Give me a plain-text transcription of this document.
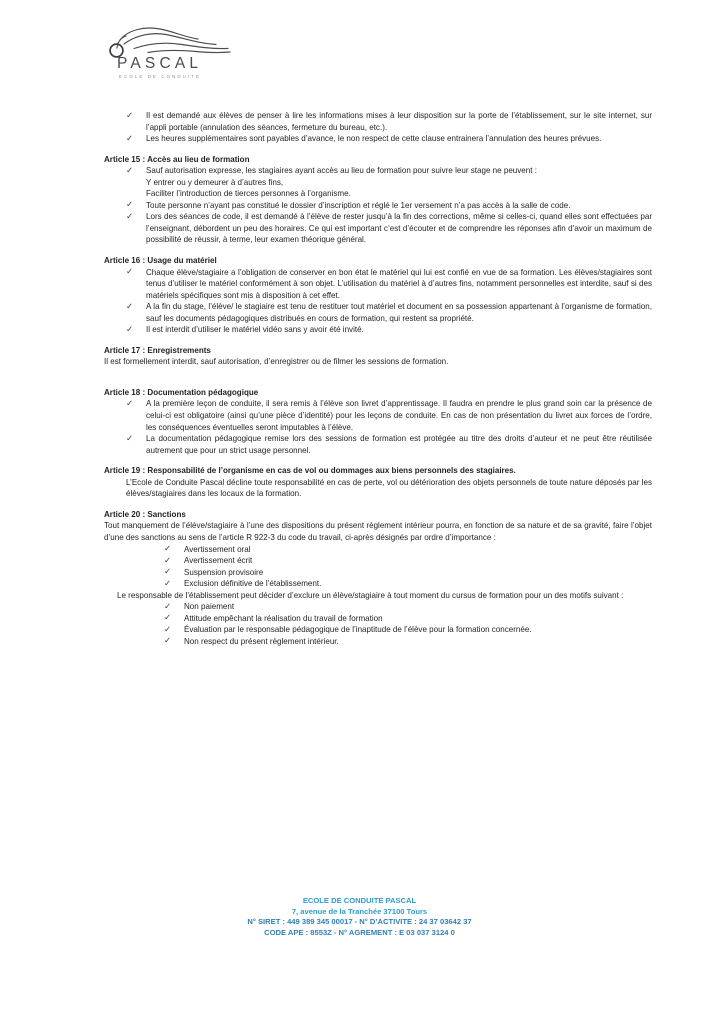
PASCAL
ECOLE DE CONDUITE
✓ Il est demandé aux élèves de penser à lire les informations mises à leur disposition sur la porte de l’établissement, sur le site internet, sur l’appli portable (annulation des séances, fermeture du bureau, etc.).
✓ Les heures supplémentaires sont payables d’avance, le non respect de cette clause entrainera l’annulation des heures prévues.

Article 15 : Accès au lieu de formation

✓ Sauf autorisation expresse, les stagiaires ayant accès au lieu de formation pour suivre leur stage ne peuvent :
Y entrer ou y demeurer à d’autres fins,
Faciliter l’introduction de tierces personnes à l’organisme.
✓ Toute personne n’ayant pas constitué le dossier d’inscription et réglé le 1er versement n’a pas accès à la salle de code.
✓ Lors des séances de code, il est demandé à l’élève de rester jusqu’à la fin des corrections, même si celles-ci, quand elles sont effectuées par l’enseignant, débordent un peu des horaires. Ce qui est important c’est d’écouter et de comprendre les réponses afin d’avoir un maximum de possibilité de réussir, à terme, leur examen théorique général.

Article 16 : Usage du matériel

✓ Chaque élève/stagiaire a l’obligation de conserver en bon état le matériel qui lui est confié en vue de sa formation. Les élèves/stagiaires sont tenus d’utiliser le matériel conformément à son objet. L’utilisation du matériel à d’autres fins, notamment personnelles est interdite, sauf si des matériels spécifiques sont mis à disposition à cet effet.
✓ A la fin du stage, l’élève/ le stagiaire est tenu de restituer tout matériel et document en sa possession appartenant à l’organisme de formation, sauf les documents pédagogiques distribués en cours de formation, qui restent sa propriété.
✓ Il est interdit d’utiliser le matériel vidéo sans y avoir été invité.

Article 17 : Enregistrements

Il est formellement interdit, sauf autorisation, d’enregistrer ou de filmer les sessions de formation.

Article 18 : Documentation pédagogique

✓ A la première leçon de conduite, il sera remis à l’élève son livret d’apprentissage. Il faudra en prendre le plus grand soin car la présence de celui-ci est obligatoire (ainsi qu’une pièce d’identité) pour les leçons de conduite. En cas de non présentation du livret aux forces de l’ordre, les conséquences éventuelles seront imputables à l’élève.
✓ La documentation pédagogique remise lors des sessions de formation est protégée au titre des droits d’auteur et ne peut être réutilisée autrement que pour un strict usage personnel.

Article 19 : Responsabilité de l’organisme en cas de vol ou dommages aux biens personnels des stagiaires.

L’Ecole de Conduite Pascal décline toute responsabilité en cas de perte, vol ou détérioration des objets personnels de toute nature déposés par les élèves/stagiaires dans les locaux de la formation.

Article 20 : Sanctions

Tout manquement de l’élève/stagiaire à l’une des dispositions du présent règlement intérieur pourra, en fonction de sa nature et de sa gravité, faire l’objet d’une des sanctions au sens de l’article R 922-3 du code du travail, ci-après désignés par ordre d’importance :

✓ Avertissement oral
✓ Avertissement écrit
✓ Suspension provisoire
✓ Exclusion définitive de l’établissement.

Le responsable de l’établissement peut décider d’exclure un élève/stagiaire à tout moment du cursus de formation pour un des motifs suivant :

✓ Non paiement
✓ Attitude empêchant la réalisation du travail de formation
✓ Évaluation par le responsable pédagogique de l’inaptitude de l’élève pour la formation concernée.
✓ Non respect du présent règlement intérieur.
ECOLE DE CONDUITE PASCAL
7, avenue de la Tranchée 37100 Tours
N° SIRET : 449 389 345 00017 - N° D’ACTIVITE : 24 37 03642 37
CODE APE : 8553Z - N° AGREMENT : E 03 037 3124 0
